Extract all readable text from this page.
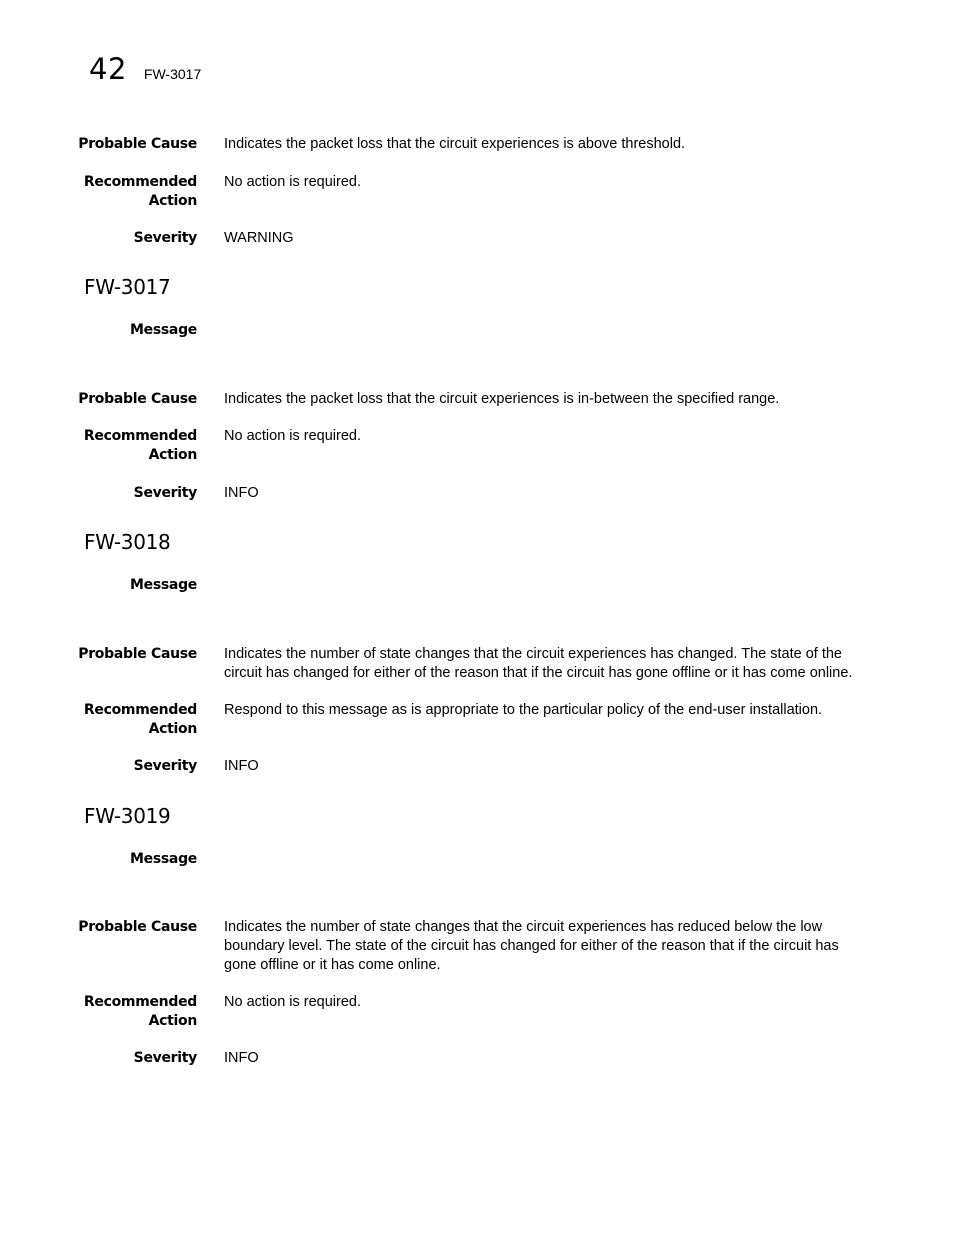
42 FW-3017
Probable Cause Indicates the packet loss that the circuit experiences is above threshold.
Recommended
Action
No action is required.
Severity WARNING
FW-3017
Message
Probable Cause Indicates the packet loss that the circuit experiences is in-between the specified range.
Recommended
Action
No action is required.
Severity INFO
FW-3018
Message
Probable Cause Indicates the number of state changes that the circuit experiences has changed. The state of the
circuit has changed for either of the reason that if the circuit has gone offline or it has come online.
Recommended
Action
Respond to this message as is appropriate to the particular policy of the end-user installation.
Severity INFO
FW-3019
Message
Probable Cause Indicates the number of state changes that the circuit experiences has reduced below the low
boundary level. The state of the circuit has changed for either of the reason that if the circuit has
gone offline or it has come online.
Recommended
Action
No action is required.
Severity INFO
